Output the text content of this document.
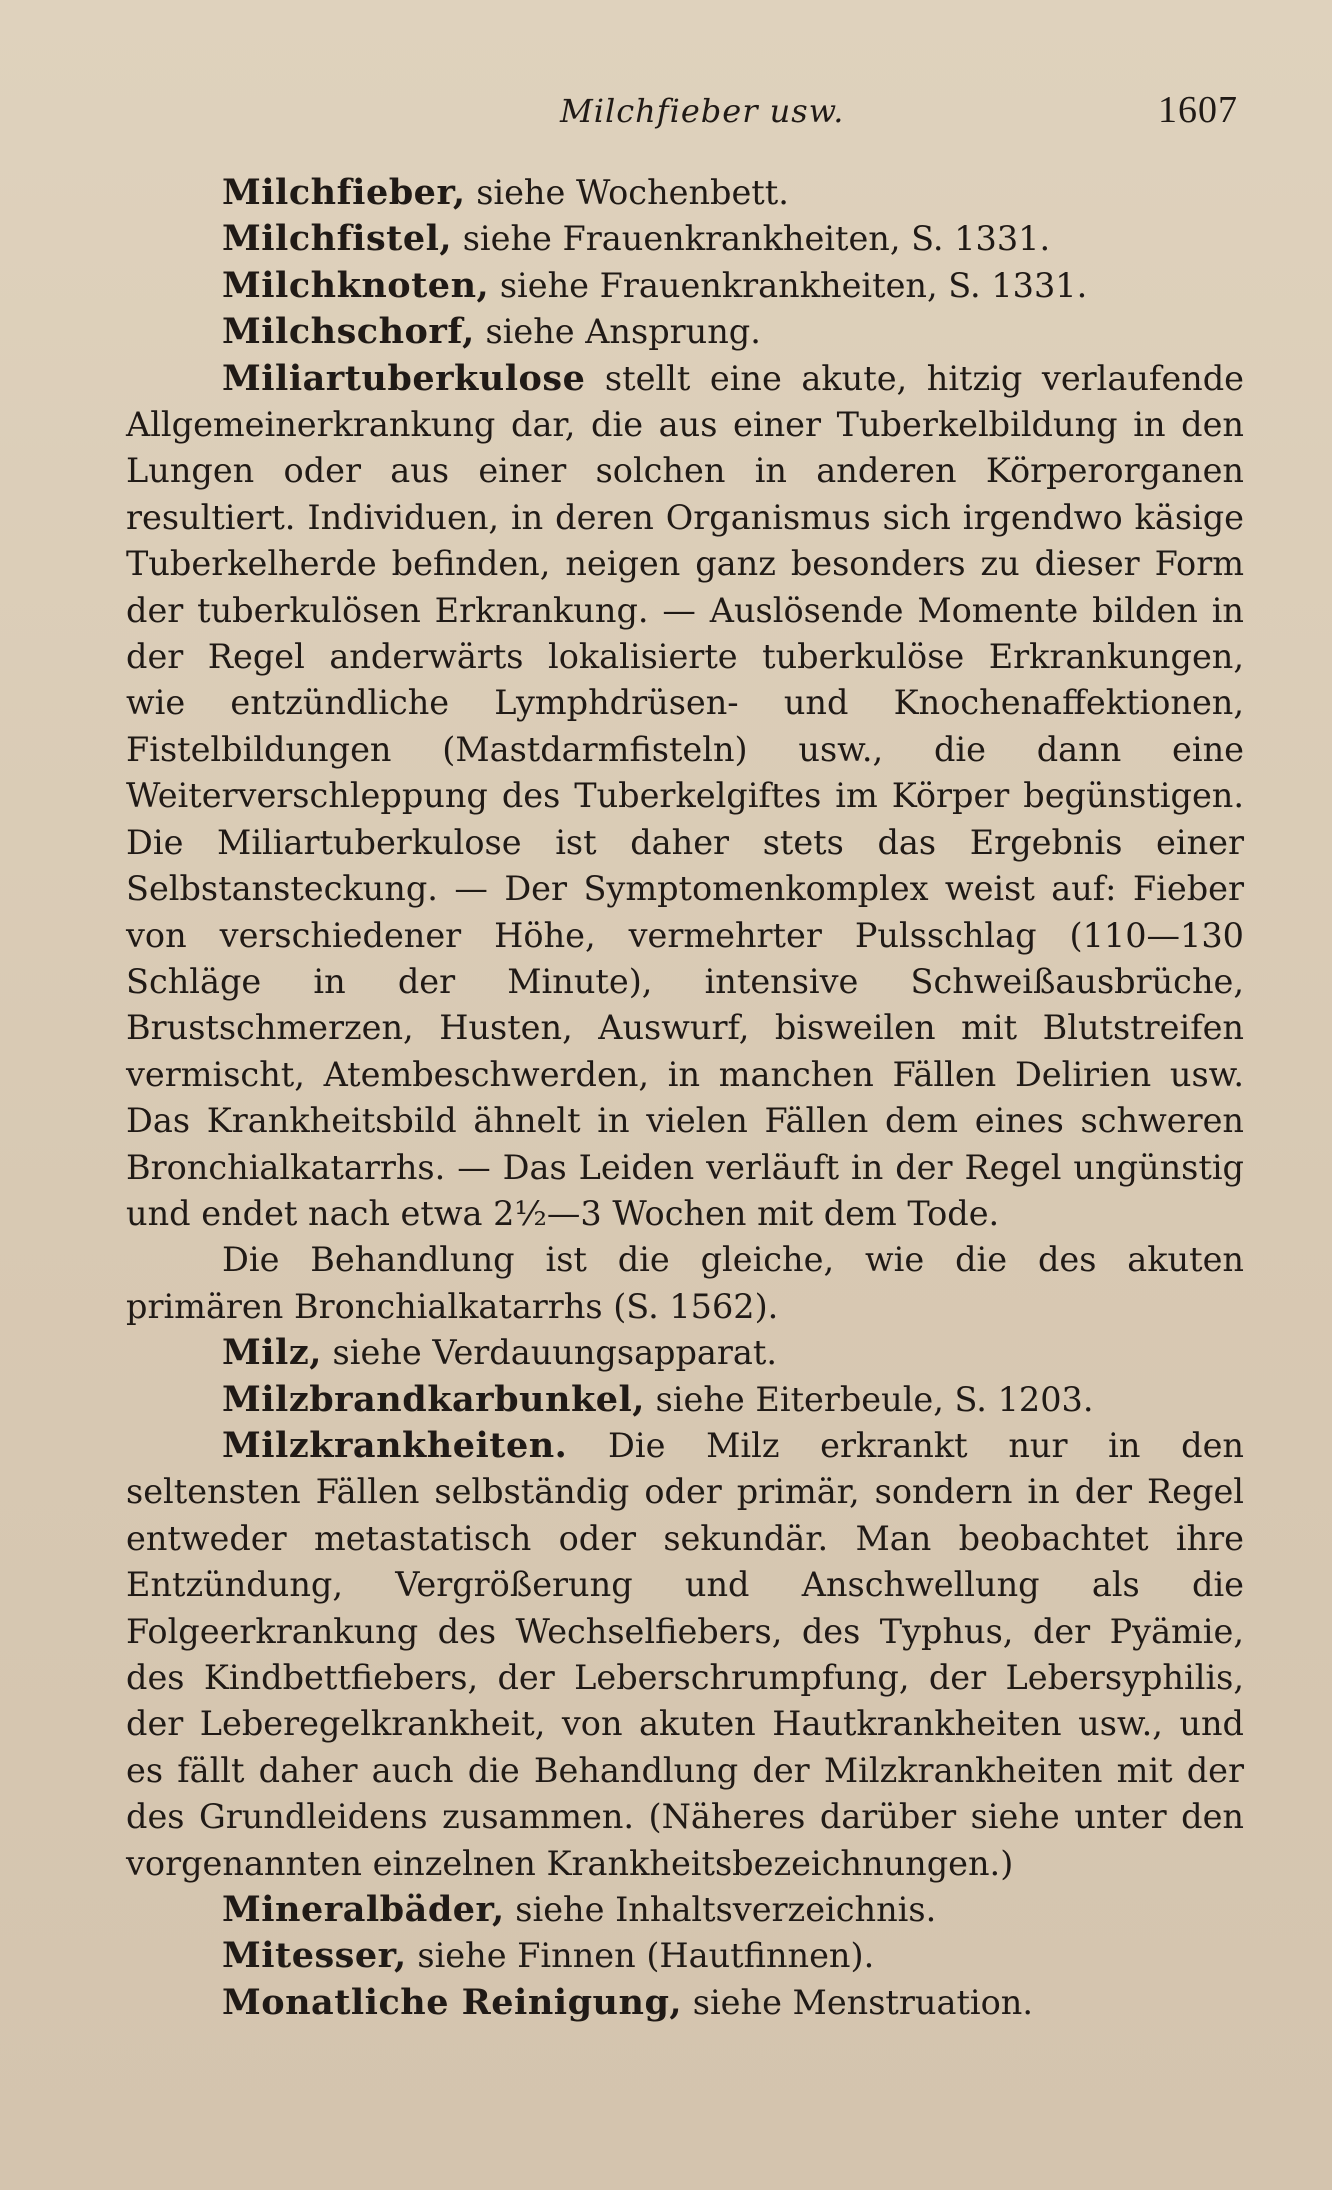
Milchfieber usw.	1607

Milchfieber, siehe Wochenbett.

Milchfistel, siehe Frauenkrankheiten, S. 1331.

Milchknoten, siehe Frauenkrankheiten, S. 1331.

Milchschorf, siehe Ansprung.

Miliartuberkulose stellt eine akute, hitzig verlaufende Allgemeinerkrankung dar, die aus einer Tuberkelbildung in den Lungen oder aus einer solchen in anderen Körperorganen resultiert. Individuen, in deren Organismus sich irgendwo käsige Tuberkelherde befinden, neigen ganz besonders zu dieser Form der tuberkulösen Erkrankung. — Auslösende Momente bilden in der Regel anderwärts lokalisierte tuberkulöse Erkrankungen, wie entzündliche Lymphdrüsen- und Knochenaffektionen, Fistelbildungen (Mastdarmfisteln) usw., die dann eine Weiterverschleppung des Tuberkelgiftes im Körper begünstigen. Die Miliartuberkulose ist daher stets das Ergebnis einer Selbstansteckung. — Der Symptomenkomplex weist auf: Fieber von verschiedener Höhe, vermehrter Pulsschlag (110—130 Schläge in der Minute), intensive Schweißausbrüche, Brustschmerzen, Husten, Auswurf, bisweilen mit Blutstreifen vermischt, Atembeschwerden, in manchen Fällen Delirien usw. Das Krankheitsbild ähnelt in vielen Fällen dem eines schweren Bronchialkatarrhs. — Das Leiden verläuft in der Regel ungünstig und endet nach etwa 2½—3 Wochen mit dem Tode.

Die Behandlung ist die gleiche, wie die des akuten primären Bronchialkatarrhs (S. 1562).

Milz, siehe Verdauungsapparat.

Milzbrandkarbunkel, siehe Eiterbeule, S. 1203.

Milzkrankheiten. Die Milz erkrankt nur in den seltensten Fällen selbständig oder primär, sondern in der Regel entweder metastatisch oder sekundär. Man beobachtet ihre Entzündung, Vergrößerung und Anschwellung als die Folgeerkrankung des Wechselfiebers, des Typhus, der Pyämie, des Kindbettfiebers, der Leberschrumpfung, der Lebersyphilis, der Leberegelkrankheit, von akuten Hautkrankheiten usw., und es fällt daher auch die Behandlung der Milzkrankheiten mit der des Grundleidens zusammen. (Näheres darüber siehe unter den vorgenannten einzelnen Krankheitsbezeichnungen.)

Mineralbäder, siehe Inhaltsverzeichnis.

Mitesser, siehe Finnen (Hautfinnen).

Monatliche Reinigung, siehe Menstruation.
